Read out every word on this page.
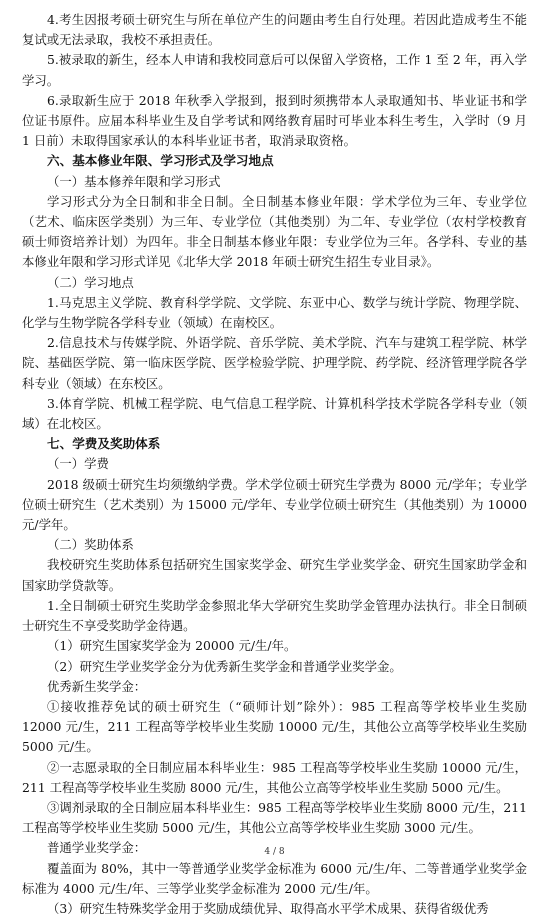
4.考生因报考硕士研究生与所在单位产生的问题由考生自行处理。若因此造成考生不能复试或无法录取，我校不承担责任。

5.被录取的新生，经本人申请和我校同意后可以保留入学资格，工作 1 至 2 年，再入学学习。

6.录取新生应于 2018 年秋季入学报到，报到时须携带本人录取通知书、毕业证书和学位证书原件。应届本科毕业生及自学考试和网络教育届时可毕业本科生考生，入学时（9 月 1 日前）未取得国家承认的本科毕业证书者，取消录取资格。

六、基本修业年限、学习形式及学习地点

（一）基本修养年限和学习形式

学习形式分为全日制和非全日制。全日制基本修业年限：学术学位为三年、专业学位（艺术、临床医学类别）为三年、专业学位（其他类别）为二年、专业学位（农村学校教育硕士师资培养计划）为四年。非全日制基本修业年限：专业学位为三年。各学科、专业的基本修业年限和学习形式详见《北华大学 2018 年硕士研究生招生专业目录》。

（二）学习地点

1.马克思主义学院、教育科学学院、文学院、东亚中心、数学与统计学院、物理学院、化学与生物学院各学科专业（领域）在南校区。

2.信息技术与传媒学院、外语学院、音乐学院、美术学院、汽车与建筑工程学院、林学院、基础医学院、第一临床医学院、医学检验学院、护理学院、药学院、经济管理学院各学科专业（领域）在东校区。

3.体育学院、机械工程学院、电气信息工程学院、计算机科学技术学院各学科专业（领域）在北校区。

七、学费及奖助体系

（一）学费

2018 级硕士研究生均须缴纳学费。学术学位硕士研究生学费为 8000 元/学年；专业学位硕士研究生（艺术类别）为 15000 元/学年、专业学位硕士研究生（其他类别）为 10000 元/学年。

（二）奖助体系

我校研究生奖助体系包括研究生国家奖学金、研究生学业奖学金、研究生国家助学金和国家助学贷款等。

1.全日制硕士研究生奖助学金参照北华大学研究生奖助学金管理办法执行。非全日制硕士研究生不享受奖助学金待遇。

（1）研究生国家奖学金为 20000 元/生/年。

（2）研究生学业奖学金分为优秀新生奖学金和普通学业奖学金。

优秀新生奖学金：

①接收推荐免试的硕士研究生（“硕师计划”除外）：985 工程高等学校毕业生奖励 12000 元/生，211 工程高等学校毕业生奖励 10000 元/生，其他公立高等学校毕业生奖励 5000 元/生。

②一志愿录取的全日制应届本科毕业生：985 工程高等学校毕业生奖励 10000 元/生，211 工程高等学校毕业生奖励 8000 元/生，其他公立高等学校毕业生奖励 5000 元/生。

③调剂录取的全日制应届本科毕业生：985 工程高等学校毕业生奖励 8000 元/生，211 工程高等学校毕业生奖励 5000 元/生，其他公立高等学校毕业生奖励 3000 元/生。

普通学业奖学金：

覆盖面为 80%，其中一等普通学业奖学金标准为 6000 元/生/年、二等普通学业奖学金标准为 4000 元/生/年、三等学业奖学金标准为 2000 元/生/年。

（3）研究生特殊奖学金用于奖励成绩优异、取得高水平学术成果、获得省级优秀

4 / 8
